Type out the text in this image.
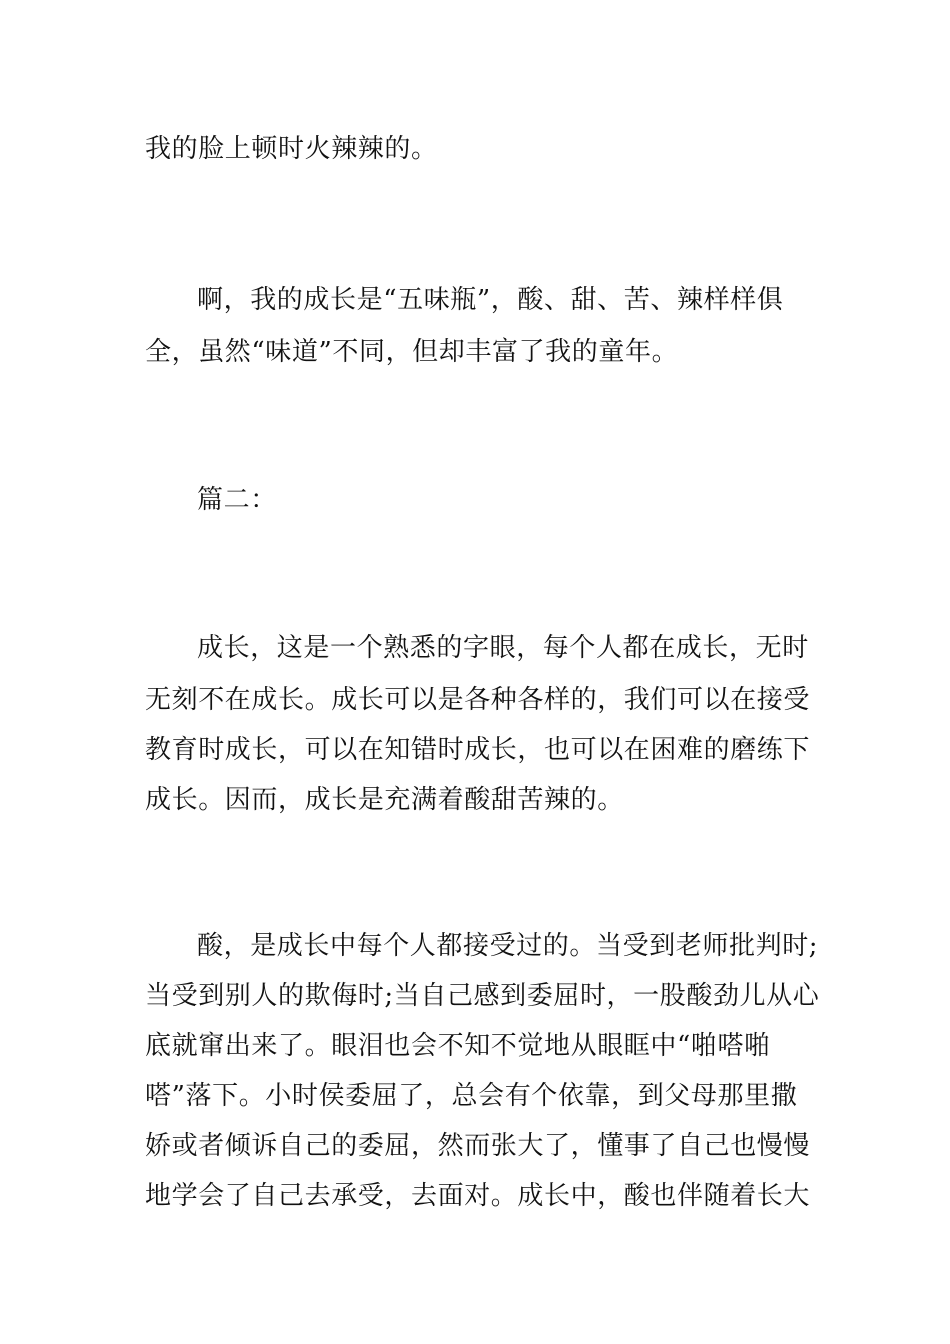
我的脸上顿时火辣辣的。
啊，我的成长是“五味瓶”，酸、甜、苦、辣样样俱
全，虽然“味道”不同，但却丰富了我的童年。
篇二：
成长，这是一个熟悉的字眼，每个人都在成长，无时
无刻不在成长。成长可以是各种各样的，我们可以在接受
教育时成长，可以在知错时成长，也可以在困难的磨练下
成长。因而，成长是充满着酸甜苦辣的。
酸，是成长中每个人都接受过的。当受到老师批判时;
当受到别人的欺侮时;当自己感到委屈时，一股酸劲儿从心
底就窜出来了。眼泪也会不知不觉地从眼眶中“啪嗒啪
嗒”落下。小时侯委屈了，总会有个依靠，到父母那里撒
娇或者倾诉自己的委屈，然而张大了，懂事了自己也慢慢
地学会了自己去承受，去面对。成长中，酸也伴随着长大
